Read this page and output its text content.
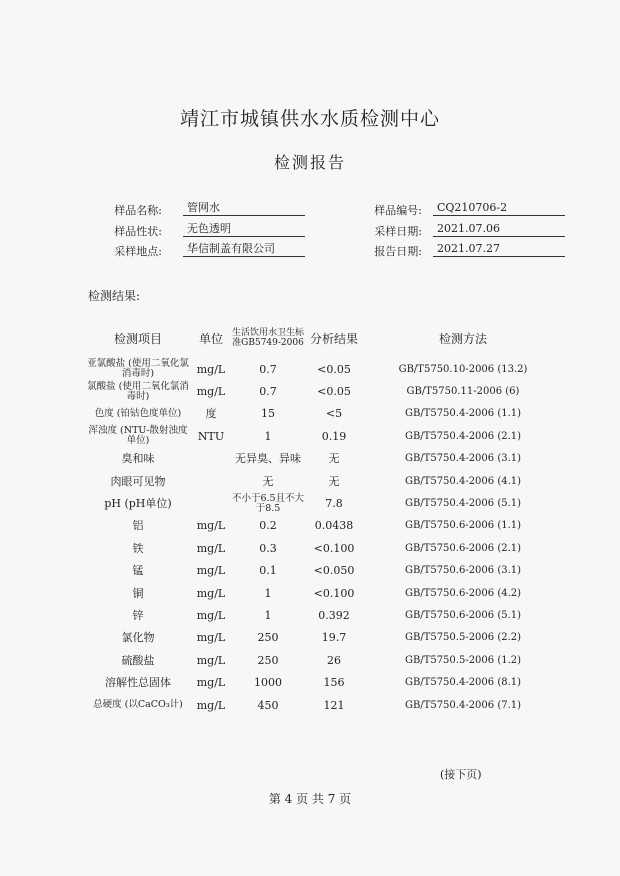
靖江市城镇供水水质检测中心
检测报告
样品名称:	管网水
样品性状:	无色透明
采样地点:	华信制盖有限公司
样品编号:	CQ210706-2
采样日期:	2021.07.06
报告日期:	2021.07.27
检测结果:
检测项目	单位	生活饮用水卫生标准GB5749-2006	分析结果	检测方法
亚氯酸盐 (使用二氧化氯消毒时)	mg/L	0.7	<0.05	GB/T5750.10-2006 (13.2)
氯酸盐 (使用二氧化氯消毒时)	mg/L	0.7	<0.05	GB/T5750.11-2006 (6)
色度 (铂钴色度单位)	度	15	<5	GB/T5750.4-2006 (1.1)
浑浊度 (NTU-散射浊度单位)	NTU	1	0.19	GB/T5750.4-2006 (2.1)
臭和味		无异臭、异味	无	GB/T5750.4-2006 (3.1)
肉眼可见物		无	无	GB/T5750.4-2006 (4.1)
pH (pH单位)		不小于6.5且不大于8.5	7.8	GB/T5750.4-2006 (5.1)
铝	mg/L	0.2	0.0438	GB/T5750.6-2006 (1.1)
铁	mg/L	0.3	<0.100	GB/T5750.6-2006 (2.1)
锰	mg/L	0.1	<0.050	GB/T5750.6-2006 (3.1)
铜	mg/L	1	<0.100	GB/T5750.6-2006 (4.2)
锌	mg/L	1	0.392	GB/T5750.6-2006 (5.1)
氯化物	mg/L	250	19.7	GB/T5750.5-2006 (2.2)
硫酸盐	mg/L	250	26	GB/T5750.5-2006 (1.2)
溶解性总固体	mg/L	1000	156	GB/T5750.4-2006 (8.1)
总硬度 (以CaCO₃计)	mg/L	450	121	GB/T5750.4-2006 (7.1)
(接下页)
第 4 页 共 7 页
